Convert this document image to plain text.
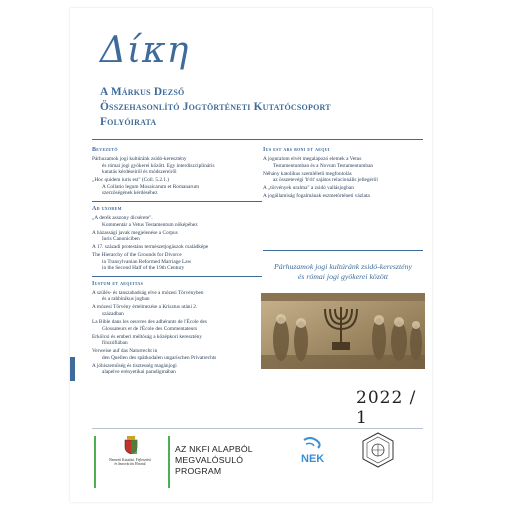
Δίκη
A Márkus Dezső
Összehasonlító Jogtörténeti Kutatócsoport
Folyóirata
Bevezető
Párhuzamok jogi kultúránk zsidó-keresztény
és római jogi gyökerei között. Egy interdiszciplináris
kutatás kérdéseiről és módszereiről
„Hoc quidem iuris est" (Coll. 5.2.1.)
A Collatio legum Mosaicarum et Romanarum
szerzőségének kérdéséhez
Ad uxorem
„A derék asszony dicsérete".
Kommentár a Vetus Testamentum nőképéhez
A házasságí javak megjelenése a Corpus
Iuris Canoniciben
A 17. századi protestáns természetjogászok családképe
The Hierarchy of the Grounds for Divorce
in Transylvanian Reformed Marriage Law
in the Second Half of the 19th Century
Iustum et aequitas
A szülés- és tanszabadság elve a mózesi Törvényben
és a rabbinikus jogban
A mózesi Törvény értelmezése a Krisztus utáni 2.
században
La Bible dans les oeuvres des adhérants de l'École des
Glossateurs et de l'École des Commentateurs
Erkölcsi és emberi méltóság a középkori keresztény
filozófiában
Verweise auf das Naturrecht in
den Quellen des spätkodalen ungarischen Privatrechts
A jóhiszeműség és tisztesség magánjogi
alapelve erényetikai paradigmában
Ius est ars boni et aequi
A joguralom elvét megalapozó elemek a Vetus
Testamentumban és a Novum Testamentumban
Néhány katolikus szemléletű megfontolás
az összetevégi 'b'rit' sajátos relacionális jellegéről
A „törvények uralma" a zsidó vallásjogban
A jogállamiság fogalmának eszmetörténeti vázlata
Párhuzamok jogi kultúránk zsidó-keresztény
és római jogi gyökerei között
2022 / 1
Nemzeti Kutatási, Fejlesztési
és Innovációs Hivatal
AZ NKFI ALAPBÓL
MEGVALÓSULÓ
PROGRAM
NEK
